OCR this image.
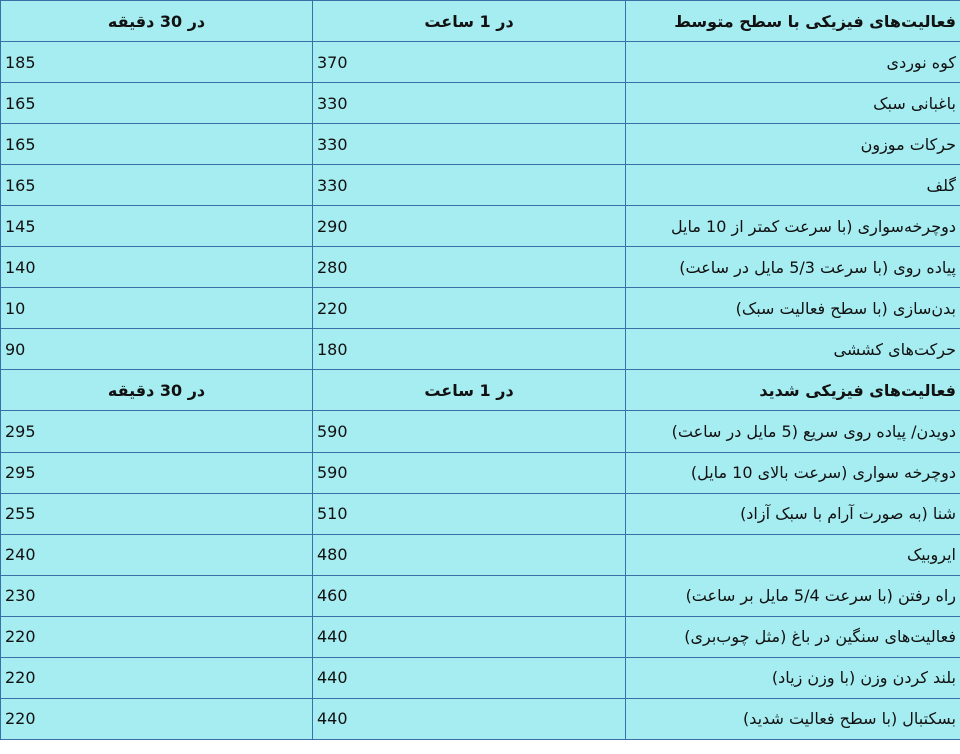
فعالیت‌های فیزیکی با سطح متوسط	در 1 ساعت	در 30 دقیقه
کوه نوردی	370	185
باغبانی سبک	330	165
حرکات موزون	330	165
گلف	330	165
دوچرخه‌سواری (با سرعت کمتر از 10 مایل	290	145
پیاده روی (با سرعت 5/3 مایل در ساعت)	280	140
بدن‌سازی (با سطح فعالیت سبک)	220	10
حرکت‌های کششی	180	90
فعالیت‌های فیزیکی شدید	در 1 ساعت	در 30 دقیقه
دویدن/ پیاده روی سریع (5 مایل در ساعت)	590	295
دوچرخه سواری (سرعت بالای 10 مایل)	590	295
شنا (به صورت آرام با سبک آزاد)	510	255
ایروبیک	480	240
راه رفتن (با سرعت 5/4 مایل بر ساعت)	460	230
فعالیت‌های سنگین در باغ (مثل چوب‌بری)	440	220
بلند کردن وزن (با وزن زیاد)	440	220
بسکتبال (با سطح فعالیت شدید)	440	220
